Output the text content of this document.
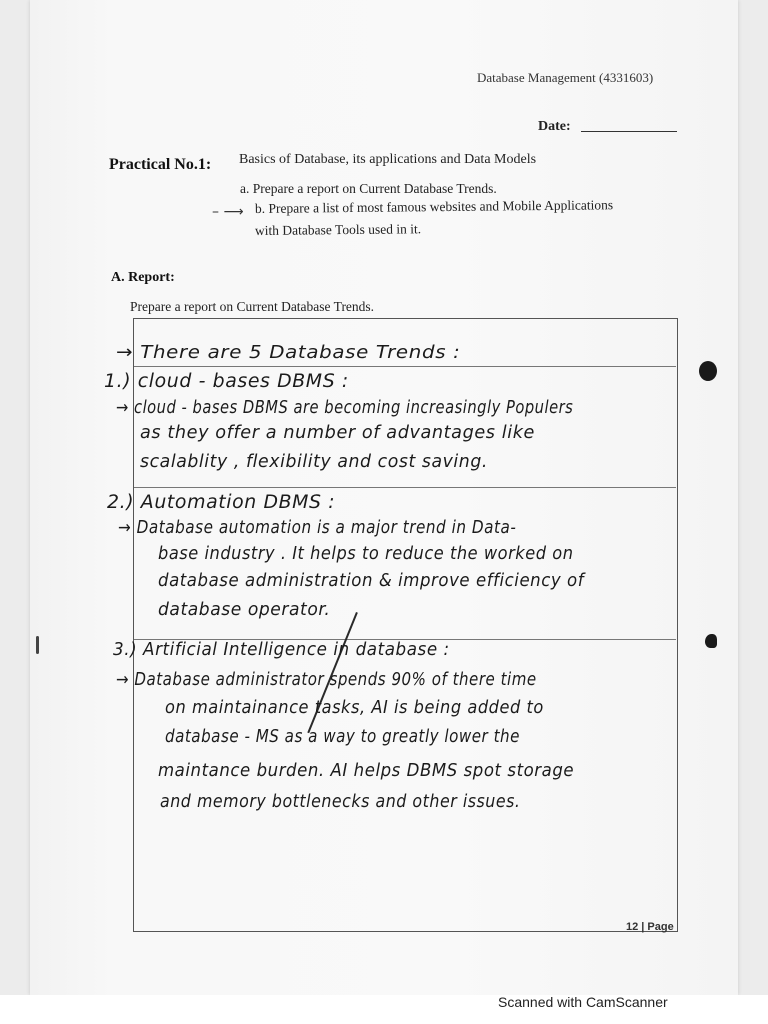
Database Management (4331603)
Date:
Practical No.1: Basics of Database, its applications and Data Models
a. Prepare a report on Current Database Trends.
– ⟶ b. Prepare a list of most famous websites and Mobile Applications
with Database Tools used in it.
A. Report:
Prepare a report on Current Database Trends.
→ There are 5 Database Trends :
1.) cloud - bases DBMS :
→ cloud - bases DBMS are becoming increasingly Populers
as they offer a number of advantages like
scalablity , flexibility and cost saving.
2.) Automation DBMS :
→ Database automation is a major trend in Data-
base industry . It helps to reduce the worked on
database administration & improve efficiency of
database operator.
3.) Artificial Intelligence in database :
→ Database administrator spends 90% of there time
on maintainance tasks, AI is being added to
database - MS as a way to greatly lower the
maintance burden. AI helps DBMS spot storage
and memory bottlenecks and other issues.
12 | Page
Scanned with CamScanner
